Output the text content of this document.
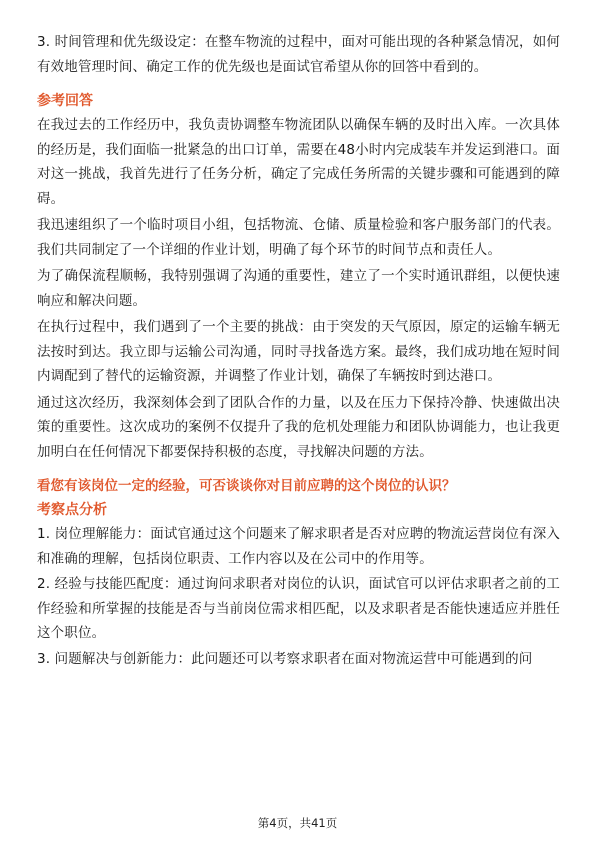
3. 时间管理和优先级设定：在整车物流的过程中，面对可能出现的各种紧急情况，如何有效地管理时间、确定工作的优先级也是面试官希望从你的回答中看到的。

参考回答

在我过去的工作经历中，我负责协调整车物流团队以确保车辆的及时出入库。一次具体的经历是，我们面临一批紧急的出口订单，需要在48小时内完成装车并发运到港口。面对这一挑战，我首先进行了任务分析，确定了完成任务所需的关键步骤和可能遇到的障碍。

我迅速组织了一个临时项目小组，包括物流、仓储、质量检验和客户服务部门的代表。我们共同制定了一个详细的作业计划，明确了每个环节的时间节点和责任人。

为了确保流程顺畅，我特别强调了沟通的重要性，建立了一个实时通讯群组，以便快速响应和解决问题。

在执行过程中，我们遇到了一个主要的挑战：由于突发的天气原因，原定的运输车辆无法按时到达。我立即与运输公司沟通，同时寻找备选方案。最终，我们成功地在短时间内调配到了替代的运输资源，并调整了作业计划，确保了车辆按时到达港口。

通过这次经历，我深刻体会到了团队合作的力量，以及在压力下保持冷静、快速做出决策的重要性。这次成功的案例不仅提升了我的危机处理能力和团队协调能力，也让我更加明白在任何情况下都要保持积极的态度，寻找解决问题的方法。

看您有该岗位一定的经验，可否谈谈你对目前应聘的这个岗位的认识？
考察点分析

1. 岗位理解能力：面试官通过这个问题来了解求职者是否对应聘的物流运营岗位有深入和准确的理解，包括岗位职责、工作内容以及在公司中的作用等。

2. 经验与技能匹配度：通过询问求职者对岗位的认识，面试官可以评估求职者之前的工作经验和所掌握的技能是否与当前岗位需求相匹配，以及求职者是否能快速适应并胜任这个职位。

3. 问题解决与创新能力：此问题还可以考察求职者在面对物流运营中可能遇到的问

第4页，共41页
